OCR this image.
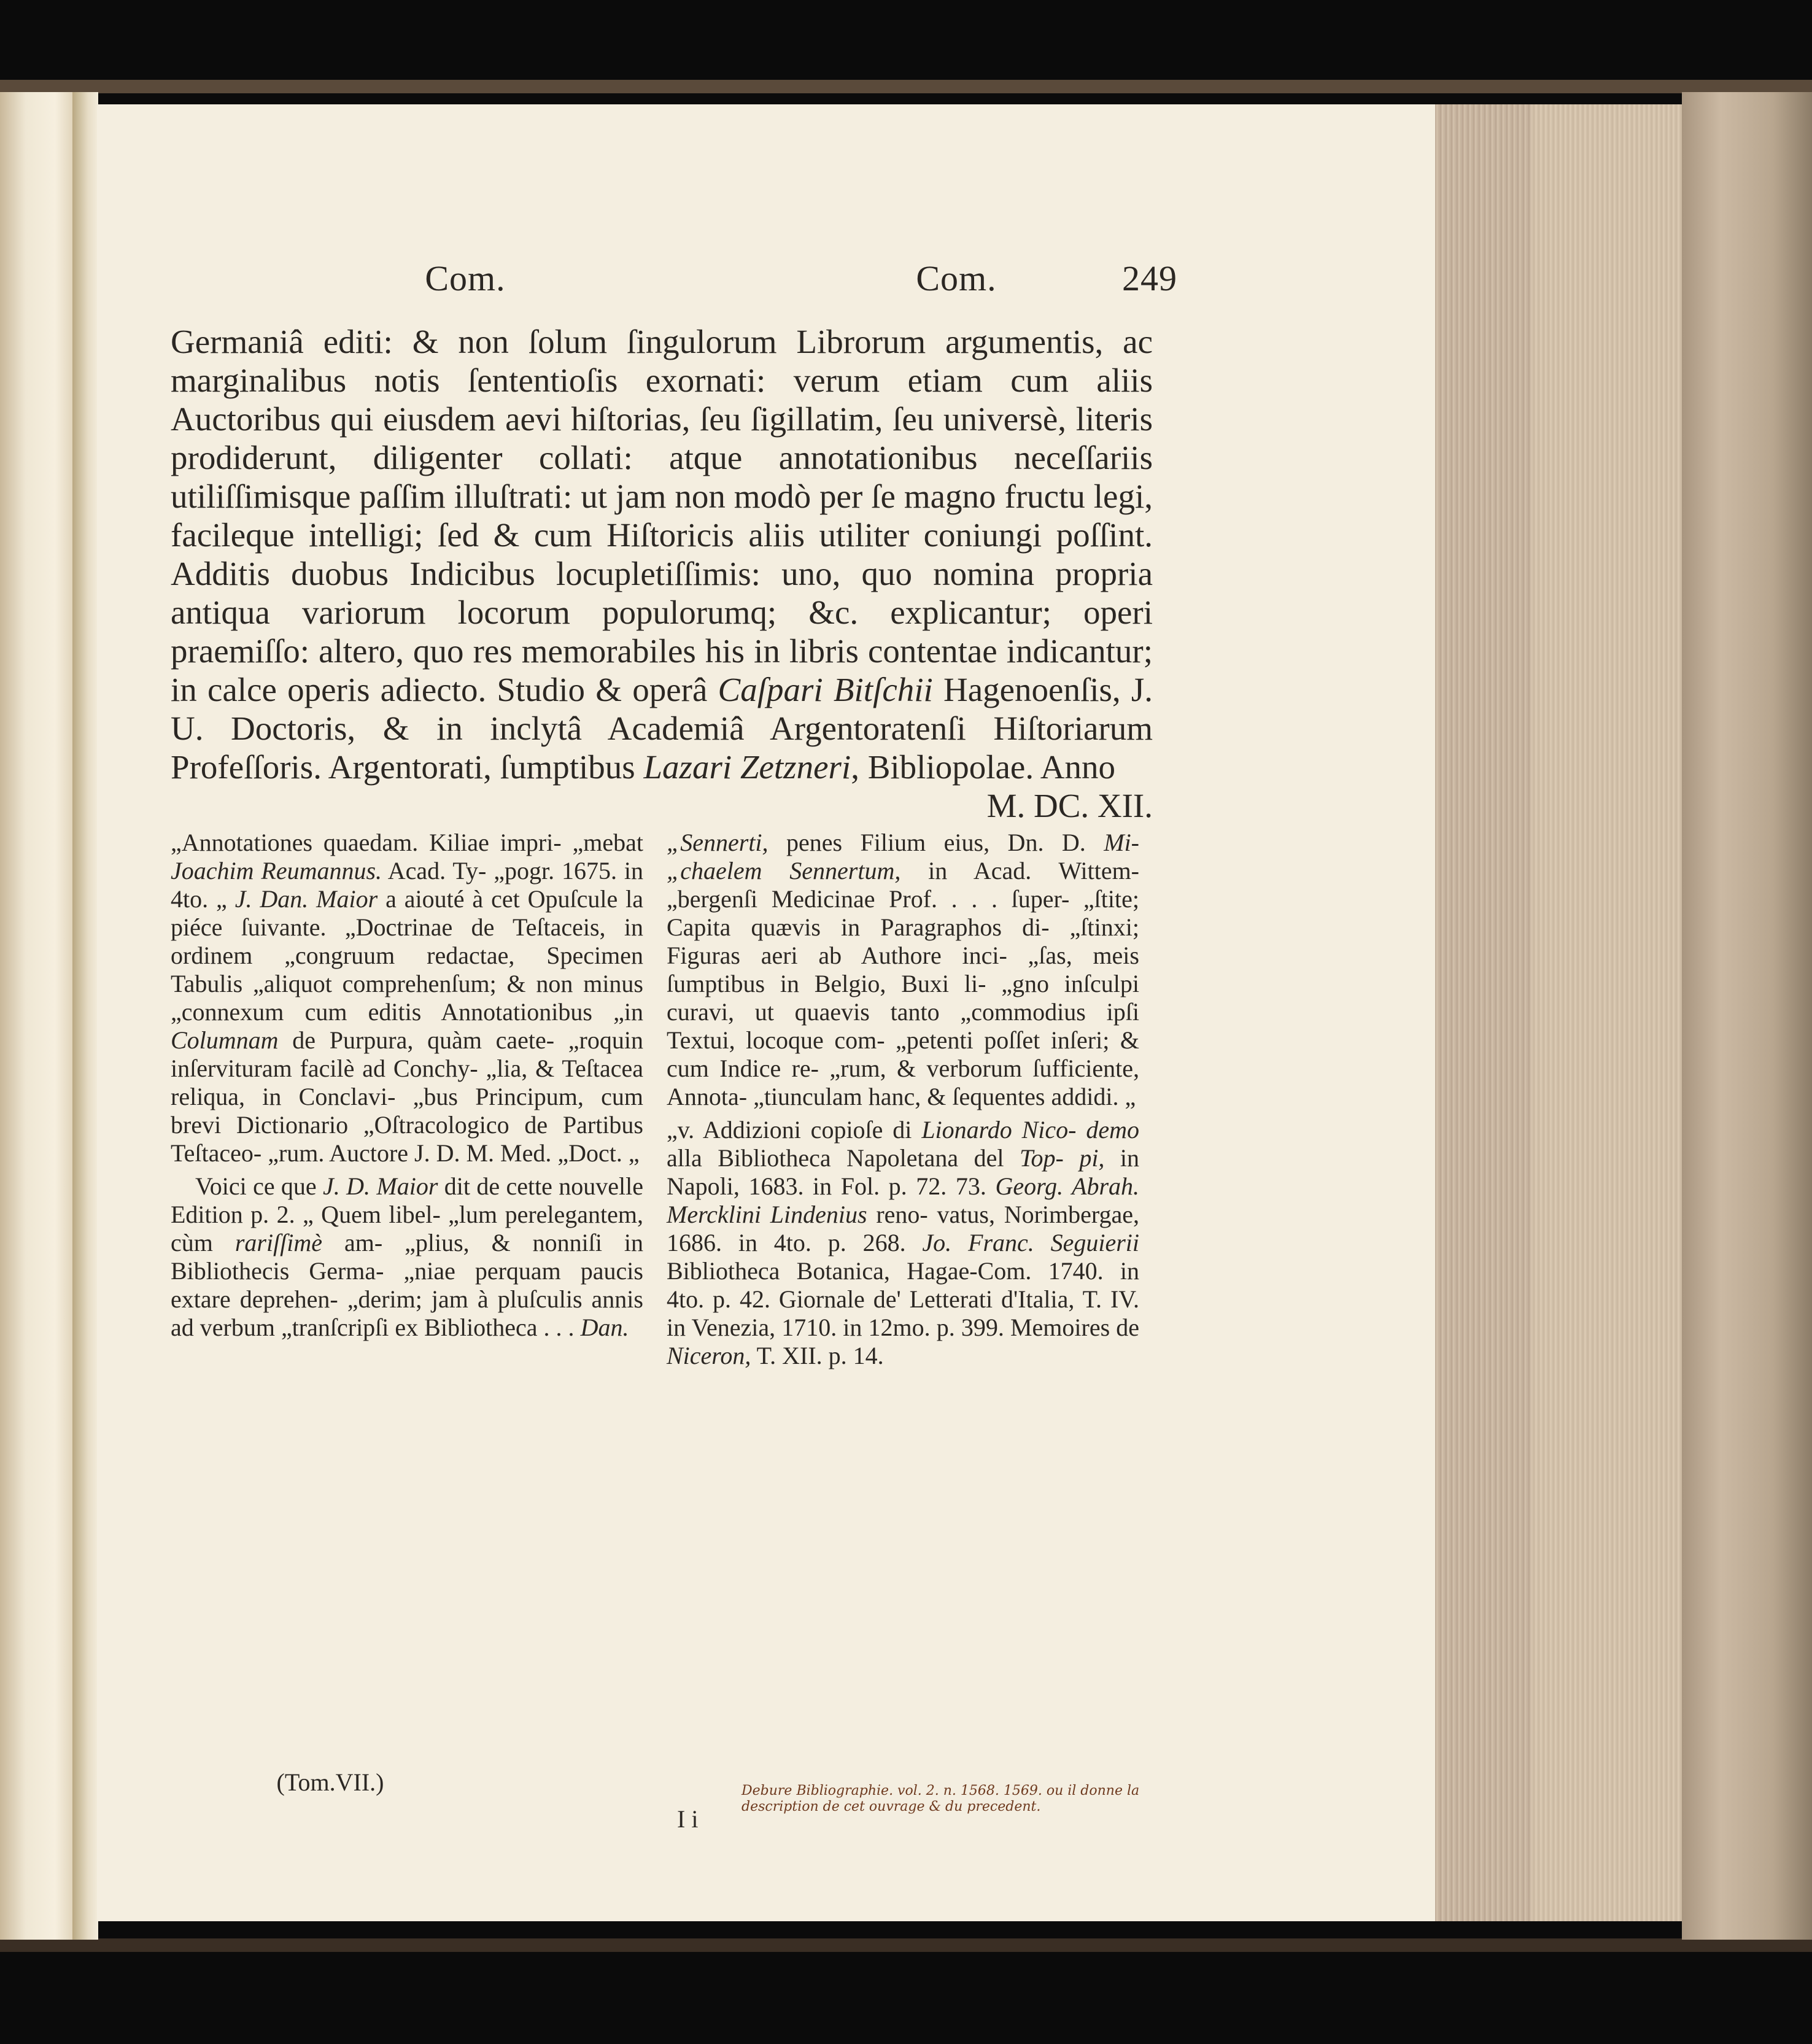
Com.	Com.	249

Germaniâ editi: & non ſolum ſingulorum Librorum argumentis, ac marginalibus notis ſententioſis exornati: verum etiam cum aliis Auctoribus qui eiusdem aevi hiſtorias, ſeu ſigillatim, ſeu universè, literis prodiderunt, diligenter collati: atque annotationibus neceſſariis utiliſſimisque paſſim illuſtrati: ut jam non modò per ſe magno fructu legi, facileque intelligi; ſed & cum Hiſtoricis aliis utiliter coniungi poſſint. Additis duobus Indicibus locupletiſſimis: uno, quo nomina propria antiqua variorum locorum populorumq; &c. explicantur; operi praemiſſo: altero, quo res memorabiles his in libris contentae indicantur; in calce operis adiecto. Studio & operâ Caſpari Bitſchii Hagenoenſis, J. U. Doctoris, & in inclytâ Academiâ Argentoratenſi Hiſtoriarum Profeſſoris. Argentorati, ſumptibus Lazari Zetzneri, Bibliopolae. Anno

M. DC. XII.

„Annotationes quaedam. Kiliae impri- „mebat Joachim Reumannus. Acad. Ty- „pogr. 1675. in 4to. „ J. Dan. Maior a aiouté à cet Opuſcule la piéce ſuivante. „Doctrinae de Teſtaceis, in ordinem „congruum redactae, Specimen Tabulis „aliquot comprehenſum; & non minus „connexum cum editis Annotationibus „in Columnam de Purpura, quàm caete- „roquin inſervituram facilè ad Conchy- „lia, & Teſtacea reliqua, in Conclavi- „bus Principum, cum brevi Dictionario „Oſtracologico de Partibus Teſtaceo- „rum. Auctore J. D. M. Med. „Doct. „

Voici ce que J. D. Maior dit de cette nouvelle Edition p. 2. „ Quem libel- „lum perelegantem, cùm rariſſimè am- „plius, & nonniſi in Bibliothecis Germa- „niae perquam paucis extare deprehen- „derim; jam à pluſculis annis ad verbum „tranſcripſi ex Bibliotheca . . . Dan.

„Sennerti, penes Filium eius, Dn. D. Mi- „chaelem Sennertum, in Acad. Wittem- „bergenſi Medicinae Prof. . . . ſuper- „ſtite; Capita quævis in Paragraphos di- „ſtinxi; Figuras aeri ab Authore inci- „ſas, meis ſumptibus in Belgio, Buxi li- „gno inſculpi curavi, ut quaevis tanto „commodius ipſi Textui, locoque com- „petenti poſſet inſeri; & cum Indice re- „rum, & verborum ſufficiente, Annota- „tiunculam hanc, & ſequentes addidi. „

„v. Addizioni copioſe di Lionardo Nico- demo alla Bibliotheca Napoletana del Top- pi, in Napoli, 1683. in Fol. p. 72. 73. Georg. Abrah. Mercklini Lindenius reno- vatus, Norimbergae, 1686. in 4to. p. 268. Jo. Franc. Seguierii Bibliotheca Botanica, Hagae-Com. 1740. in 4to. p. 42. Giornale de' Letterati d'Italia, T. IV. in Venezia, 1710. in 12mo. p. 399. Memoires de Niceron, T. XII. p. 14.

Debure Bibliographie. vol. 2. n. 1568. 1569. ou il donne la description de cet ouvrage & du precedent.
(Tom.VII.)
I i
